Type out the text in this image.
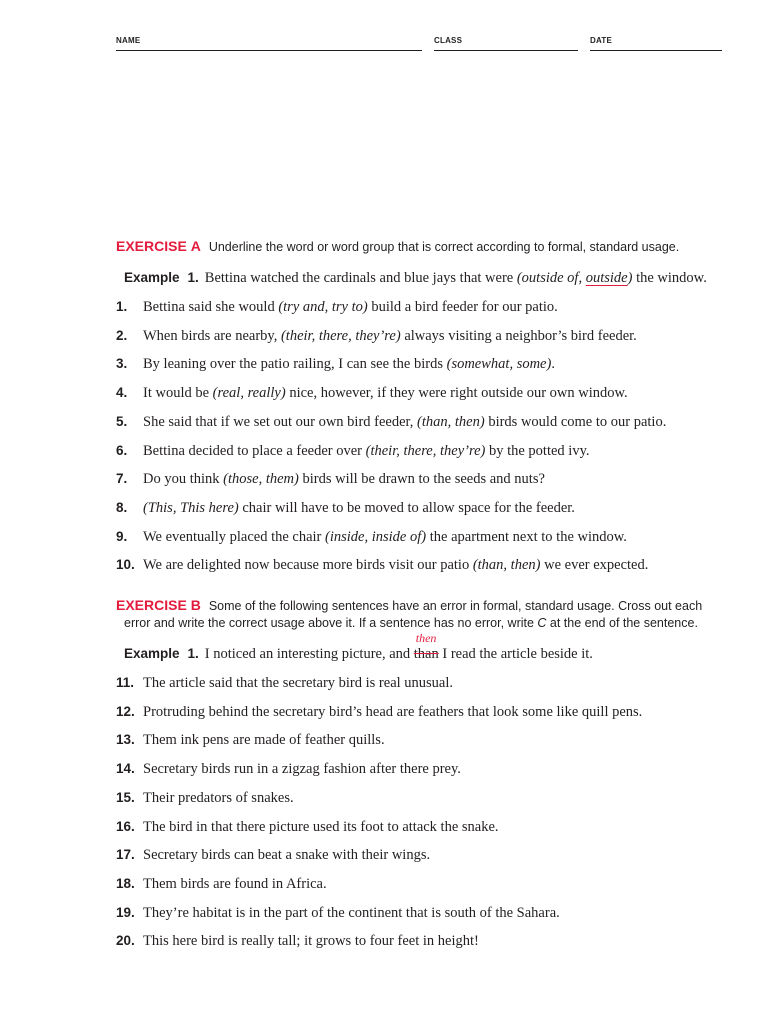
NAME	CLASS	DATE
EXERCISE A Underline the word or word group that is correct according to formal, standard usage.
Example 1. Bettina watched the cardinals and blue jays that were (outside of, outside) the window.
1. Bettina said she would (try and, try to) build a bird feeder for our patio.
2. When birds are nearby, (their, there, they’re) always visiting a neighbor’s bird feeder.
3. By leaning over the patio railing, I can see the birds (somewhat, some).
4. It would be (real, really) nice, however, if they were right outside our own window.
5. She said that if we set out our own bird feeder, (than, then) birds would come to our patio.
6. Bettina decided to place a feeder over (their, there, they’re) by the potted ivy.
7. Do you think (those, them) birds will be drawn to the seeds and nuts?
8. (This, This here) chair will have to be moved to allow space for the feeder.
9. We eventually placed the chair (inside, inside of) the apartment next to the window.
10. We are delighted now because more birds visit our patio (than, then) we ever expected.
EXERCISE B Some of the following sentences have an error in formal, standard usage. Cross out each
error and write the correct usage above it. If a sentence has no error, write C at the end of the sentence.
Example 1. I noticed an interesting picture, and than
then
I read the article beside it.
11. The article said that the secretary bird is real unusual.
12. Protruding behind the secretary bird’s head are feathers that look some like quill pens.
13. Them ink pens are made of feather quills.
14. Secretary birds run in a zigzag fashion after there prey.
15. Their predators of snakes.
16. The bird in that there picture used its foot to attack the snake.
17. Secretary birds can beat a snake with their wings.
18. Them birds are found in Africa.
19. They’re habitat is in the part of the continent that is south of the Sahara.
20. This here bird is really tall; it grows to four feet in height!
